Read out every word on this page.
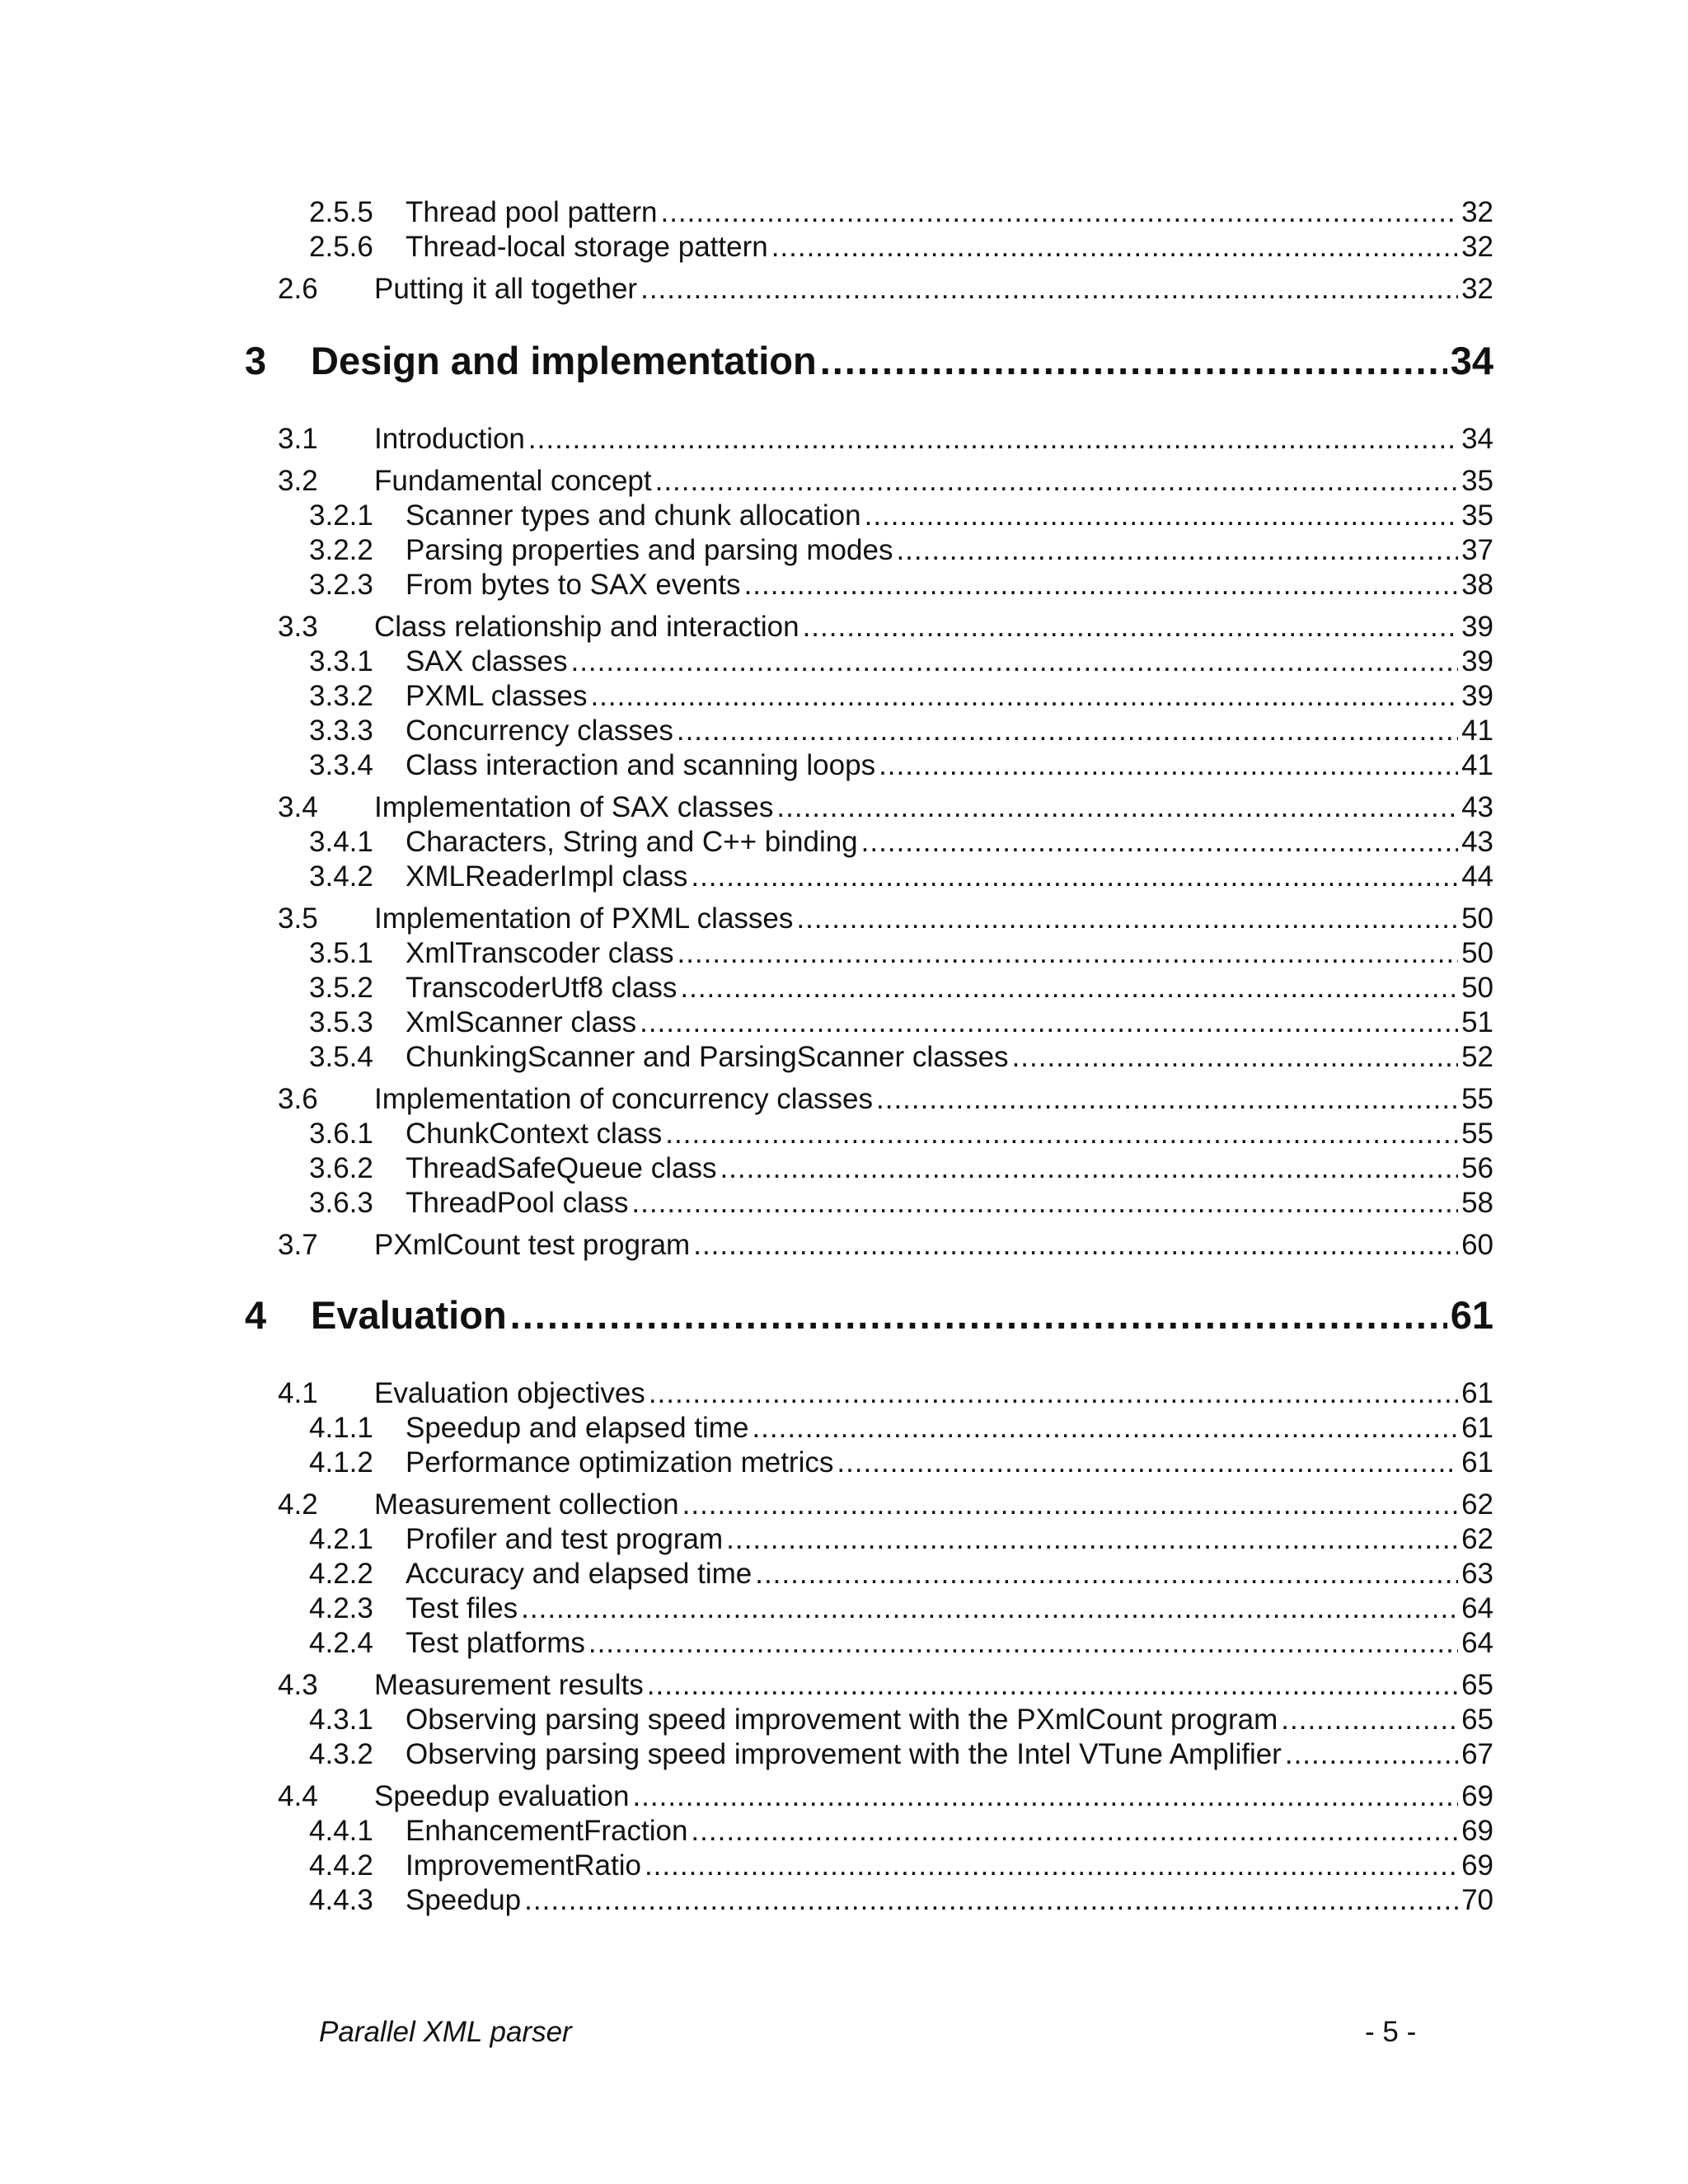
2.5.5	Thread pool pattern .....	32
2.5.6	Thread-local storage pattern .....	32
2.6	Putting it all together .....	32
3	Design and implementation .....	34
3.1	Introduction .....	34
3.2	Fundamental concept .....	35
3.2.1	Scanner types and chunk allocation .....	35
3.2.2	Parsing properties and parsing modes .....	37
3.2.3	From bytes to SAX events .....	38
3.3	Class relationship and interaction .....	39
3.3.1	SAX classes .....	39
3.3.2	PXML classes .....	39
3.3.3	Concurrency classes .....	41
3.3.4	Class interaction and scanning loops .....	41
3.4	Implementation of SAX classes .....	43
3.4.1	Characters, String and C++ binding .....	43
3.4.2	XMLReaderImpl class .....	44
3.5	Implementation of PXML classes .....	50
3.5.1	XmlTranscoder class .....	50
3.5.2	TranscoderUtf8 class .....	50
3.5.3	XmlScanner class .....	51
3.5.4	ChunkingScanner and ParsingScanner classes .....	52
3.6	Implementation of concurrency classes .....	55
3.6.1	ChunkContext class .....	55
3.6.2	ThreadSafeQueue class .....	56
3.6.3	ThreadPool class .....	58
3.7	PXmlCount test program .....	60
4	Evaluation .....	61
4.1	Evaluation objectives .....	61
4.1.1	Speedup and elapsed time .....	61
4.1.2	Performance optimization metrics .....	61
4.2	Measurement collection .....	62
4.2.1	Profiler and test program .....	62
4.2.2	Accuracy and elapsed time .....	63
4.2.3	Test files .....	64
4.2.4	Test platforms .....	64
4.3	Measurement results .....	65
4.3.1	Observing parsing speed improvement with the PXmlCount program .....	65
4.3.2	Observing parsing speed improvement with the Intel VTune Amplifier .....	67
4.4	Speedup evaluation .....	69
4.4.1	EnhancementFraction .....	69
4.4.2	ImprovementRatio .....	69
4.4.3	Speedup .....	70
Parallel XML parser	- 5 -
